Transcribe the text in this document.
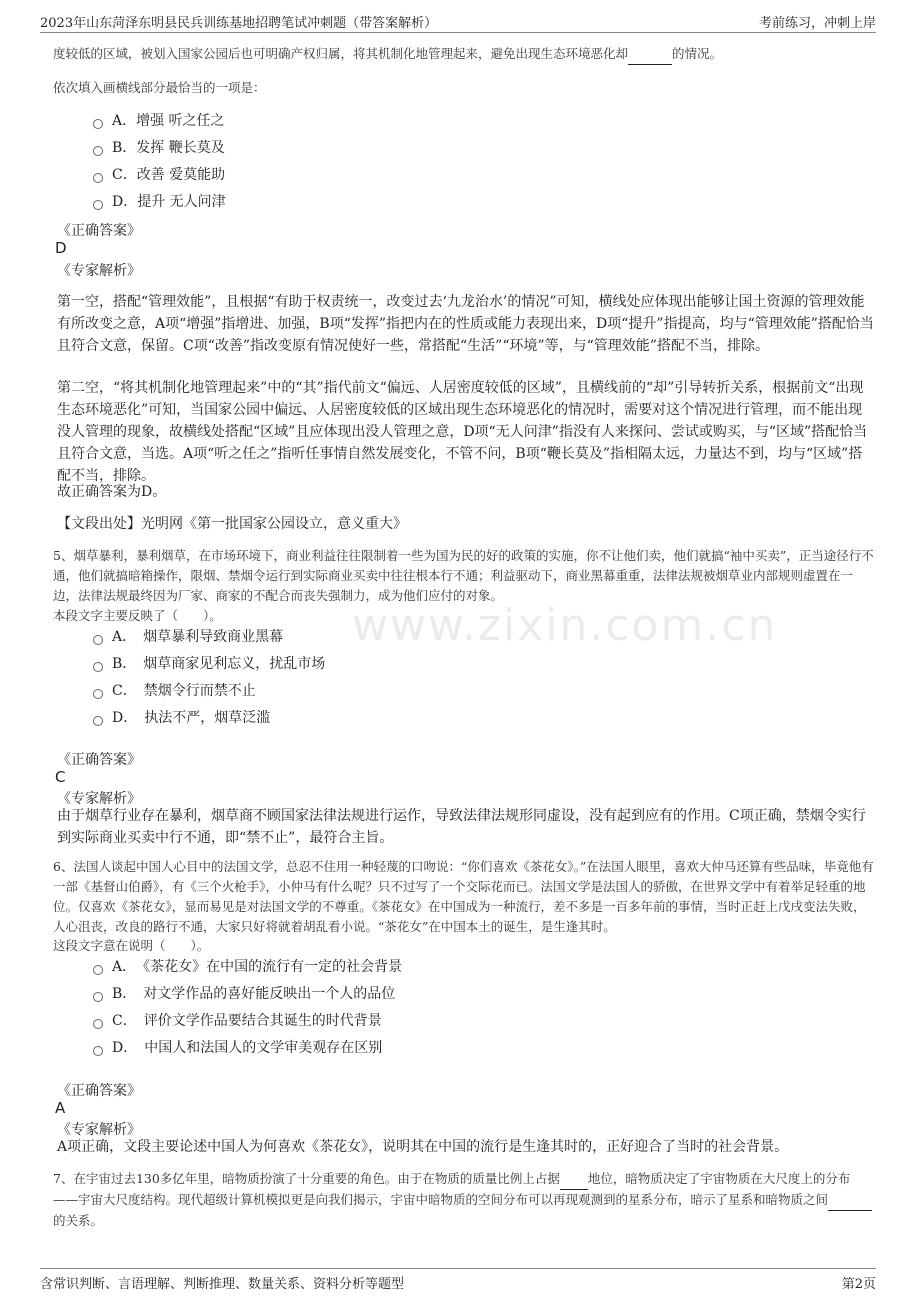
2023年山东菏泽东明县民兵训练基地招聘笔试冲刺题（带答案解析）	考前练习，冲刺上岸
www.zixin.com.cn

度较低的区域，被划入国家公园后也可明确产权归属，将其机制化地管理起来，避免出现生态环境恶化却	的情况。

依次填入画横线部分最恰当的一项是：

A．增强 听之任之
B．发挥 鞭长莫及
C．改善 爱莫能助
D．提升 无人问津

《正确答案》

D

《专家解析》

第一空，搭配“管理效能”，且根据“有助于权责统一，改变过去‘九龙治水’的情况”可知，横线处应体现出能够让国土资源的管理效能有所改变之意，A项“增强”指增进、加强，B项“发挥”指把内在的性质或能力表现出来，D项“提升”指提高，均与“管理效能”搭配恰当且符合文意，保留。C项“改善”指改变原有情况使好一些，常搭配“生活”“环境”等，与“管理效能”搭配不当，排除。

第二空，“将其机制化地管理起来”中的“其”指代前文“偏远、人居密度较低的区域”，且横线前的“却”引导转折关系，根据前文“出现生态环境恶化”可知，当国家公园中偏远、人居密度较低的区域出现生态环境恶化的情况时，需要对这个情况进行管理，而不能出现没人管理的现象，故横线处搭配“区域”且应体现出没人管理之意，D项“无人问津”指没有人来探问、尝试或购买，与“区域”搭配恰当且符合文意，当选。A项“听之任之”指听任事情自然发展变化，不管不问，B项“鞭长莫及”指相隔太远，力量达不到，均与“区域”搭配不当，排除。

故正确答案为D。

【文段出处】光明网《第一批国家公园设立，意义重大》

5、烟草暴利，暴利烟草，在市场环境下，商业利益往往限制着一些为国为民的好的政策的实施，你不让他们卖，他们就搞“袖中买卖”，正当途径行不通，他们就搞暗箱操作，限烟、禁烟令运行到实际商业买卖中往往根本行不通；利益驱动下，商业黑幕重重，法律法规被烟草业内部规则虚置在一边，法律法规最终因为厂家、商家的不配合而丧失强制力，成为他们应付的对象。

本段文字主要反映了（　　）。

A．　烟草暴利导致商业黑幕
B．　烟草商家见利忘义，扰乱市场
C．　禁烟令行而禁不止
D．　执法不严，烟草泛滥

《正确答案》

C

《专家解析》

由于烟草行业存在暴利，烟草商不顾国家法律法规进行运作，导致法律法规形同虚设，没有起到应有的作用。C项正确，禁烟令实行到实际商业买卖中行不通，即“禁不止”，最符合主旨。

6、法国人谈起中国人心目中的法国文学，总忍不住用一种轻蔑的口吻说：“你们喜欢《茶花女》。”在法国人眼里，喜欢大仲马还算有些品味，毕竟他有一部《基督山伯爵》，有《三个火枪手》，小仲马有什么呢？只不过写了一个交际花而已。法国文学是法国人的骄傲，在世界文学中有着举足轻重的地位。仅喜欢《茶花女》，显而易见是对法国文学的不尊重。《茶花女》在中国成为一种流行，差不多是一百多年前的事情，当时正赶上戊戌变法失败，人心沮丧，改良的路行不通，大家只好将就着胡乱看小说。“茶花女”在中国本土的诞生，是生逢其时。

这段文字意在说明（　　）。

A．　《茶花女》在中国的流行有一定的社会背景
B．　对文学作品的喜好能反映出一个人的品位
C．　评价文学作品要结合其诞生的时代背景
D．　中国人和法国人的文学审美观存在区别

《正确答案》

A

《专家解析》

A项正确，文段主要论述中国人为何喜欢《茶花女》，说明其在中国的流行是生逢其时的，正好迎合了当时的社会背景。

7、在宇宙过去130多亿年里，暗物质扮演了十分重要的角色。由于在物质的质量比例上占据 地位，暗物质决定了宇宙物质在大尺度上的分布——宇宙大尺度结构。现代超级计算机模拟更是向我们揭示，宇宙中暗物质的空间分布可以再现观测到的星系分布，暗示了星系和暗物质之间 的关系。

含常识判断、言语理解、判断推理、数量关系、资料分析等题型	第2页
